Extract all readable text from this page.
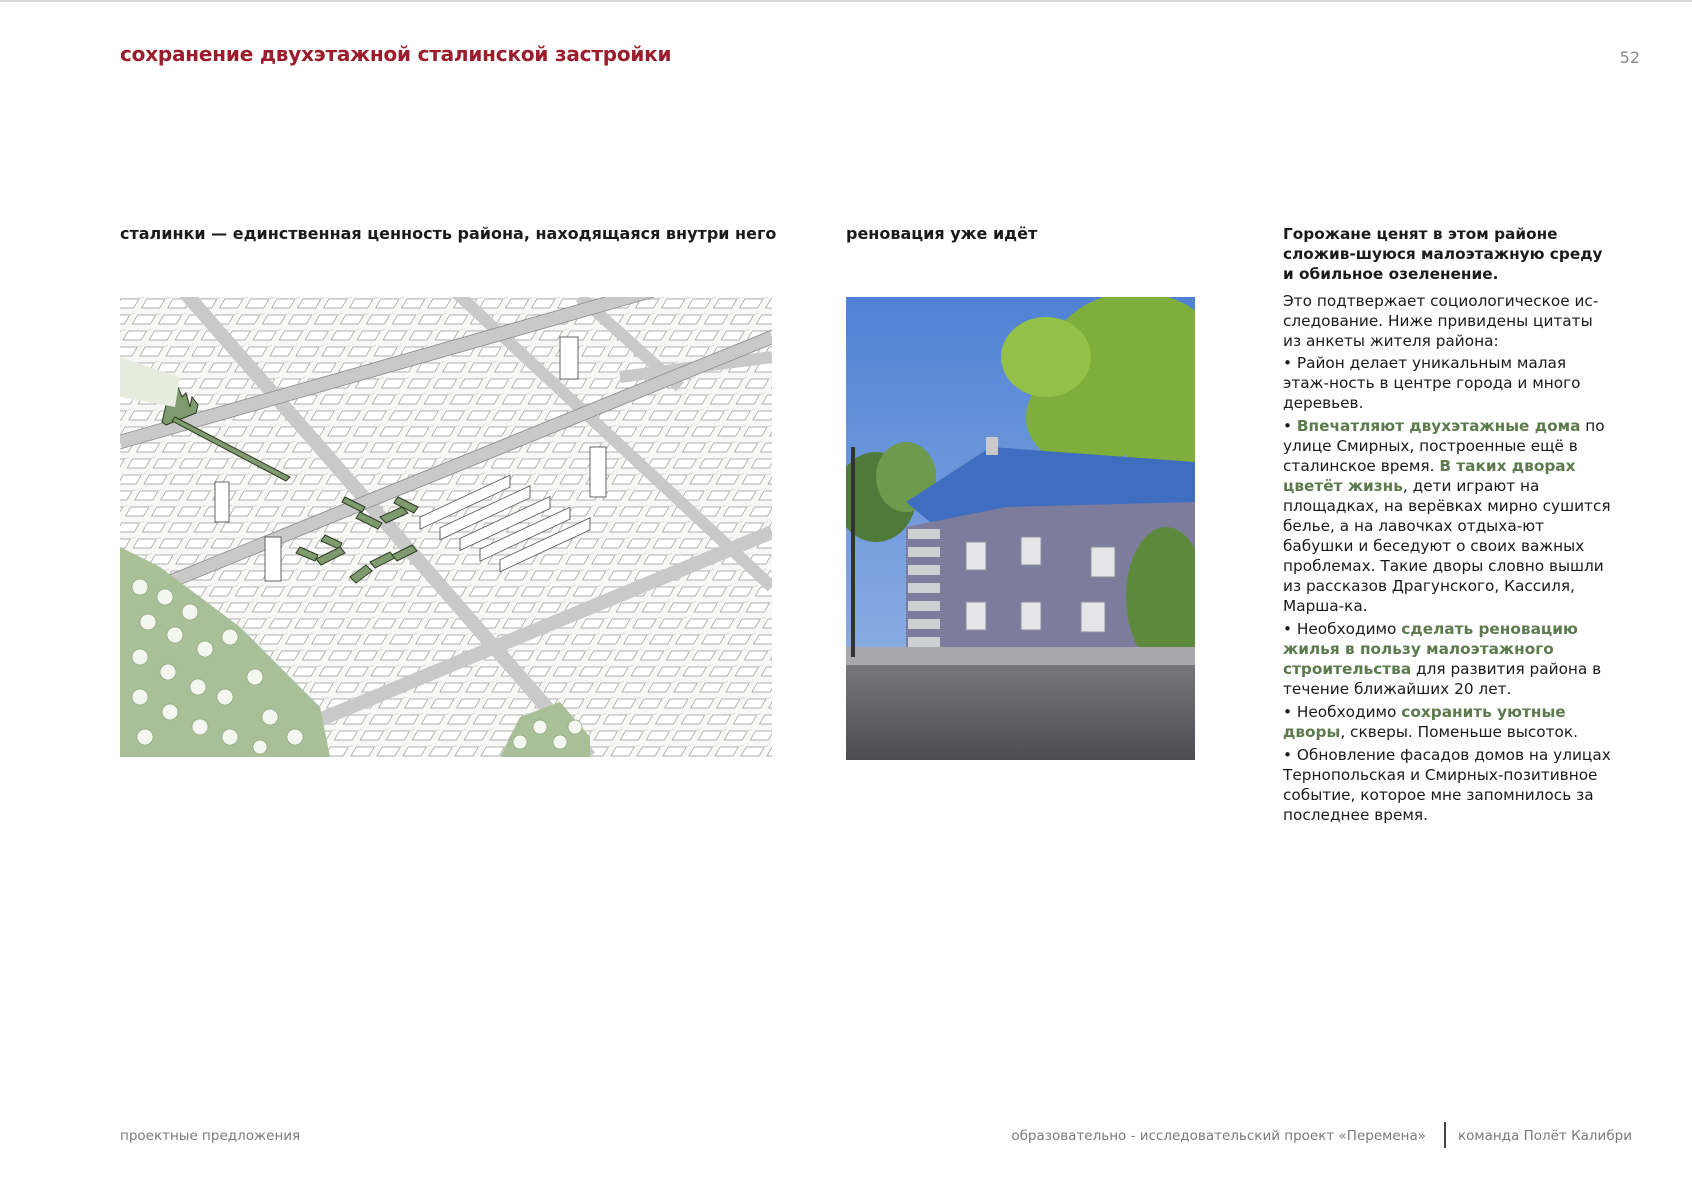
сохранение двухэтажной сталинской застройки	52
сталинки — единственная ценность района, находящаяся внутри него	реновация уже идёт	Горожане ценят в этом районе сложив-шуюся малоэтажную среду и обильное озеленение.

Это подтвержает социологическое ис-следование. Ниже привидены цитаты из анкеты жителя района:

• Район делает уникальным малая этаж-ность в центре города и много деревьев.

• Впечатляют двухэтажные дома по улице Смирных, построенные ещё в сталинское время. В таких дворах цветёт жизнь, дети играют на площадках, на верёвках мирно сушится белье, а на лавочках отдыха-ют бабушки и беседуют о своих важных проблемах. Такие дворы словно вышли из рассказов Драгунского, Кассиля, Марша-ка.

• Необходимо сделать реновацию жилья в пользу малоэтажного строительства для развития района в течение ближайших 20 лет.

• Необходимо сохранить уютные дворы, скверы. Поменьше высоток.

• Обновление фасадов домов на улицах Тернопольская и Смирных-позитивное событие, которое мне запомнилось за последнее время.

проектные предложения	образовательно - исследовательский проект «Перемена» команда Полёт Калибри
